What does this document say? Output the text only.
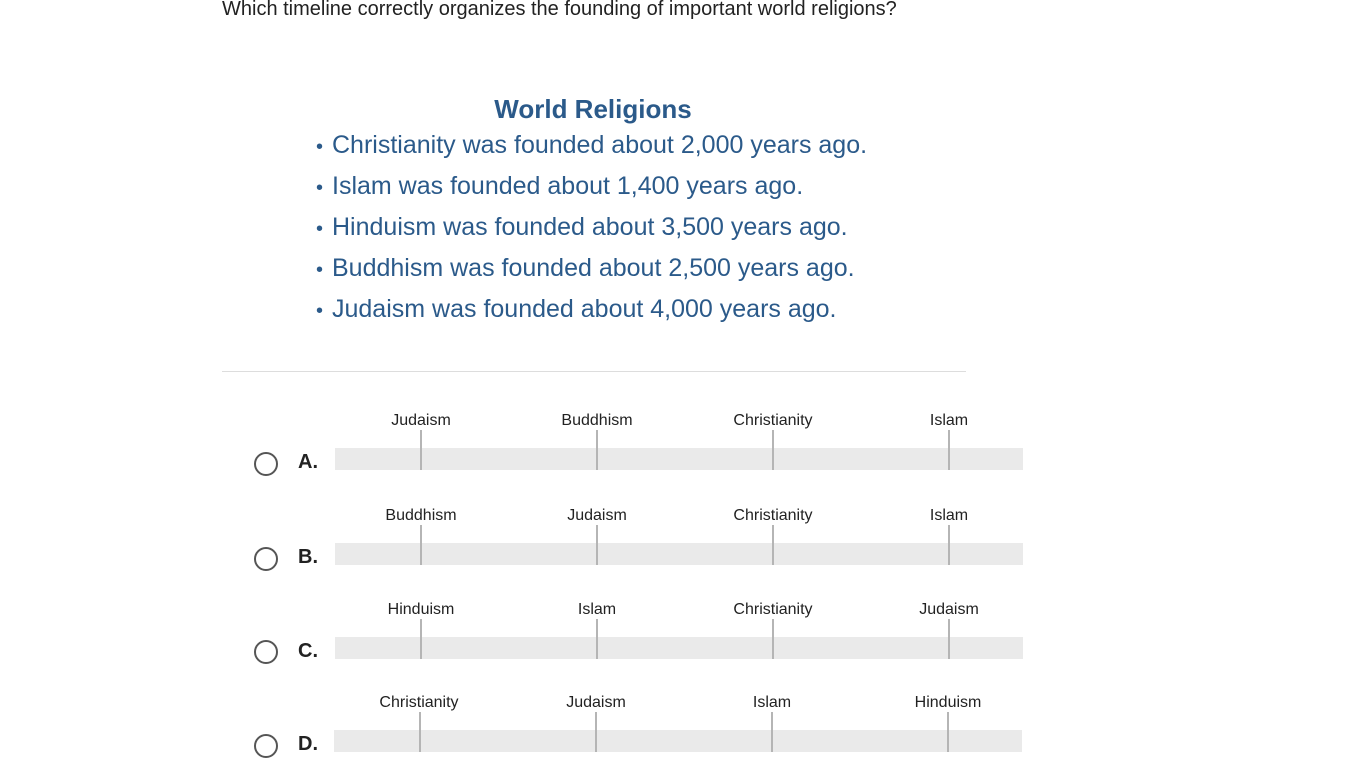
Which timeline correctly organizes the founding of important world religions?

World Religions
• Christianity was founded about 2,000 years ago.
• Islam was founded about 1,400 years ago.
• Hinduism was founded about 3,500 years ago.
• Buddhism was founded about 2,500 years ago.
• Judaism was founded about 4,000 years ago.
A.
Judaism	Buddhism	Christianity	Islam
B.
Buddhism	Judaism	Christianity	Islam
C.
Hinduism	Islam	Christianity	Judaism
D.
Christianity	Judaism	Islam	Hinduism
